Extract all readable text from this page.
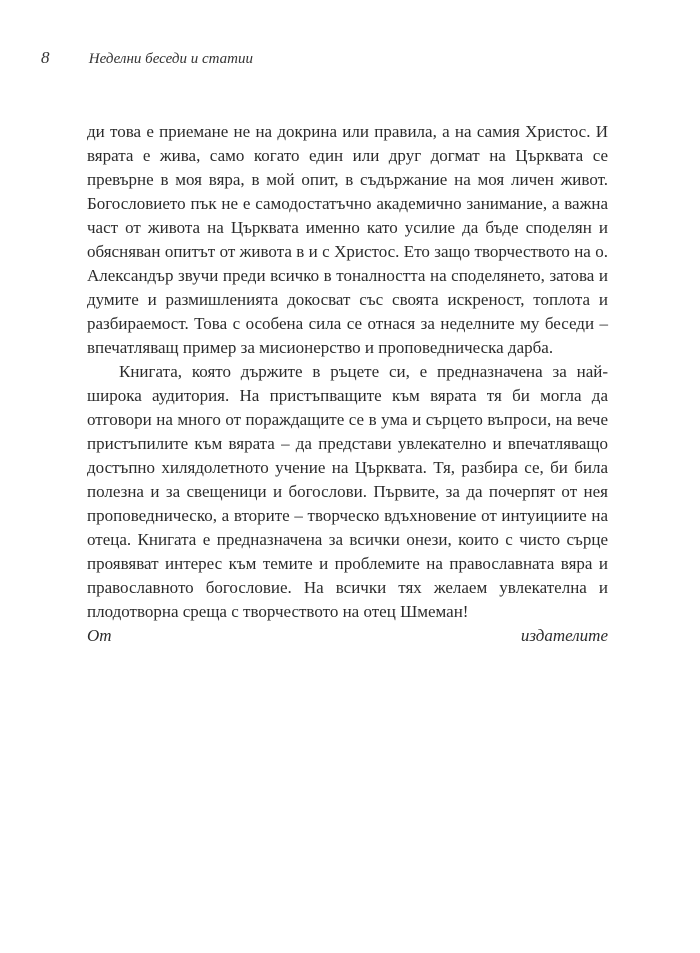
8	Неделни беседи и статии

ди това е приемане не на докрина или правила, а на самия Христос. И вярата е жива, само когато един или друг догмат на Църквата се превърне в моя вяра, в мой опит, в съдържание на моя личен живот. Богословието пък не е самодостатъчно академично занимание, а важна част от живота на Църквата именно като усилие да бъде споделян и обясняван опитът от живота в и с Христос. Ето защо творчеството на о. Александър звучи преди всичко в тоналността на споделянето, затова и думите и размишленията докосват със своята искреност, топлота и разбираемост. Това с особена сила се отнася за неделните му беседи – впечатляващ пример за мисионерство и проповедническа дарба.

Книгата, която държите в ръцете си, е предназначена за най-широка аудитория. На пристъпващите към вярата тя би могла да отговори на много от пораждащите се в ума и сърцето въпроси, на вече пристъпилите към вярата – да представи увлекателно и впечатляващо достъпно хилядолетното учение на Църквата. Тя, разбира се, би била полезна и за свещеници и богослови. Първите, за да почерпят от нея проповедническо, а вторите – творческо вдъхновение от интуициите на отеца. Книгата е предназначена за всички онези, които с чисто сърце проявяват интерес към темите и проблемите на православната вяра и православното богословие. На всички тях желаем увлекателна и плодотворна среща с творчеството на отец Шмеман!

От издателите
